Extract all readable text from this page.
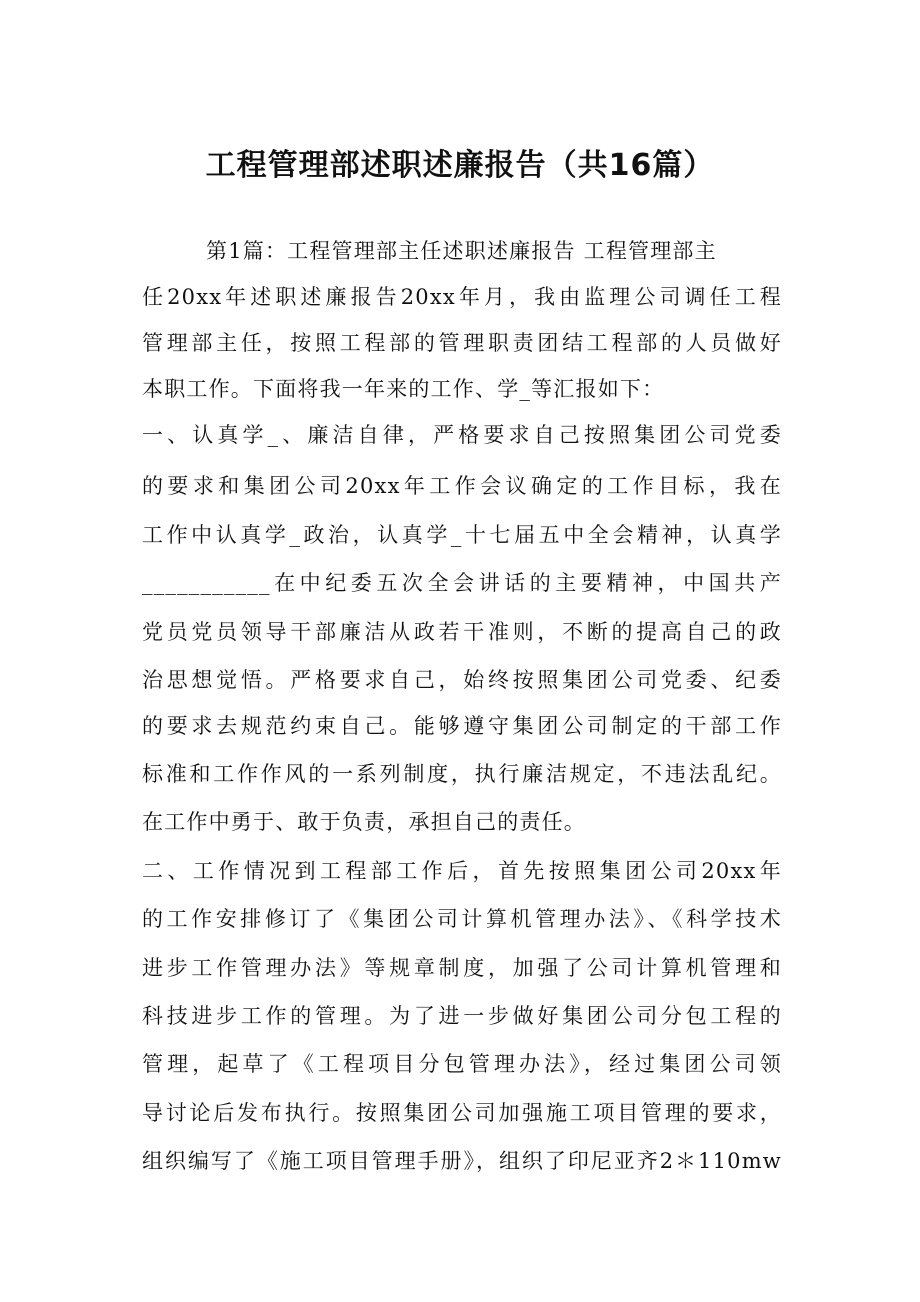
工程管理部述职述廉报告（共16篇）
第1篇：工程管理部主任述职述廉报告 工程管理部主
任20xx年述职述廉报告20xx年月，我由监理公司调任工程
管理部主任，按照工程部的管理职责团结工程部的人员做好
本职工作。下面将我一年来的工作、学_等汇报如下：
一、认真学_、廉洁自律，严格要求自己按照集团公司党委
的要求和集团公司20xx年工作会议确定的工作目标，我在
工作中认真学_政治，认真学_十七届五中全会精神，认真学
___________在中纪委五次全会讲话的主要精神，中国共产
党员党员领导干部廉洁从政若干准则，不断的提高自己的政
治思想觉悟。严格要求自己，始终按照集团公司党委、纪委
的要求去规范约束自己。能够遵守集团公司制定的干部工作
标准和工作作风的一系列制度，执行廉洁规定，不违法乱纪。
在工作中勇于、敢于负责，承担自己的责任。
二、工作情况到工程部工作后，首先按照集团公司20xx年
的工作安排修订了《集团公司计算机管理办法》、《科学技术
进步工作管理办法》等规章制度，加强了公司计算机管理和
科技进步工作的管理。为了进一步做好集团公司分包工程的
管理，起草了《工程项目分包管理办法》，经过集团公司领
导讨论后发布执行。按照集团公司加强施工项目管理的要求，
组织编写了《施工项目管理手册》，组织了印尼亚齐2＊110mw
